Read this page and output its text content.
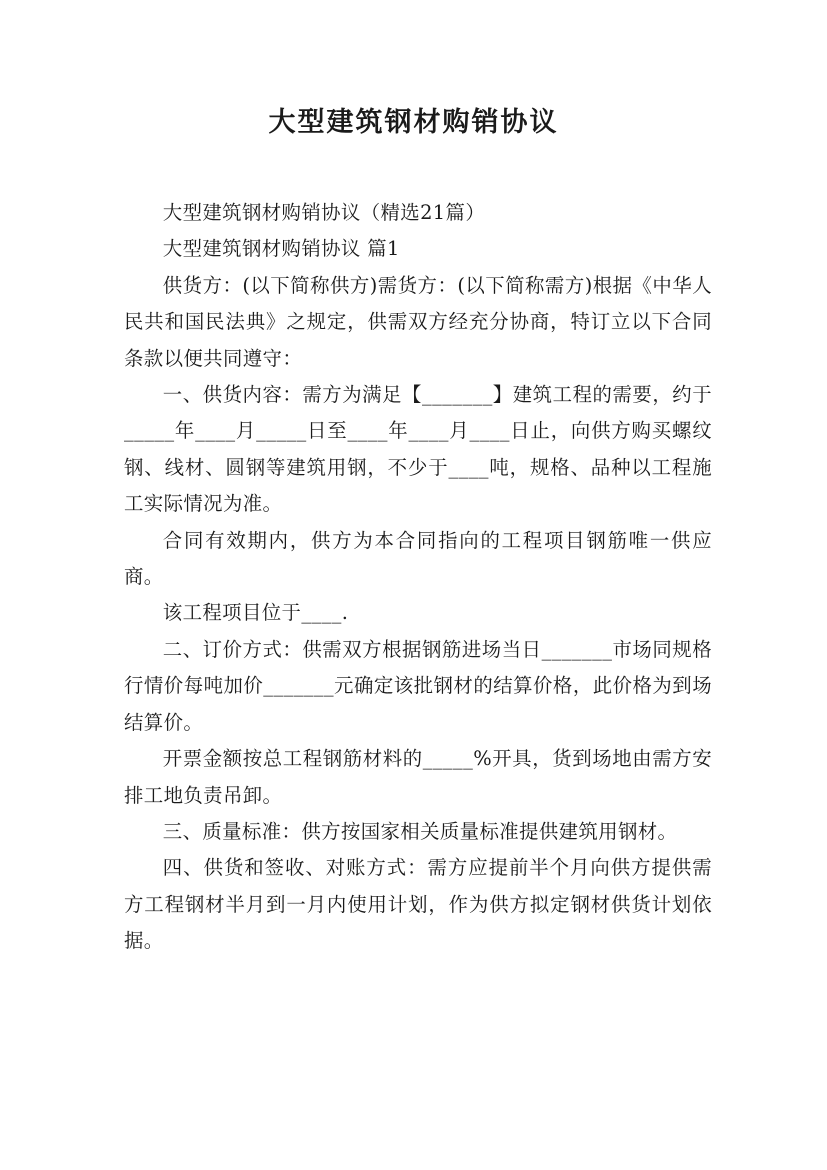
大型建筑钢材购销协议

大型建筑钢材购销协议（精选21篇）

大型建筑钢材购销协议 篇1

供货方：(以下简称供方)需货方：(以下简称需方)根据《中华人民共和国民法典》之规定，供需双方经充分协商，特订立以下合同条款以便共同遵守：

一、供货内容：需方为满足【_______】建筑工程的需要，约于_____年____月_____日至____年____月____日止，向供方购买螺纹钢、线材、圆钢等建筑用钢，不少于____吨，规格、品种以工程施工实际情况为准。

合同有效期内，供方为本合同指向的工程项目钢筋唯一供应商。

该工程项目位于____.

二、订价方式：供需双方根据钢筋进场当日_______市场同规格行情价每吨加价_______元确定该批钢材的结算价格，此价格为到场结算价。

开票金额按总工程钢筋材料的_____%开具，货到场地由需方安排工地负责吊卸。

三、质量标准：供方按国家相关质量标准提供建筑用钢材。

四、供货和签收、对账方式：需方应提前半个月向供方提供需方工程钢材半月到一月内使用计划，作为供方拟定钢材供货计划依据。
